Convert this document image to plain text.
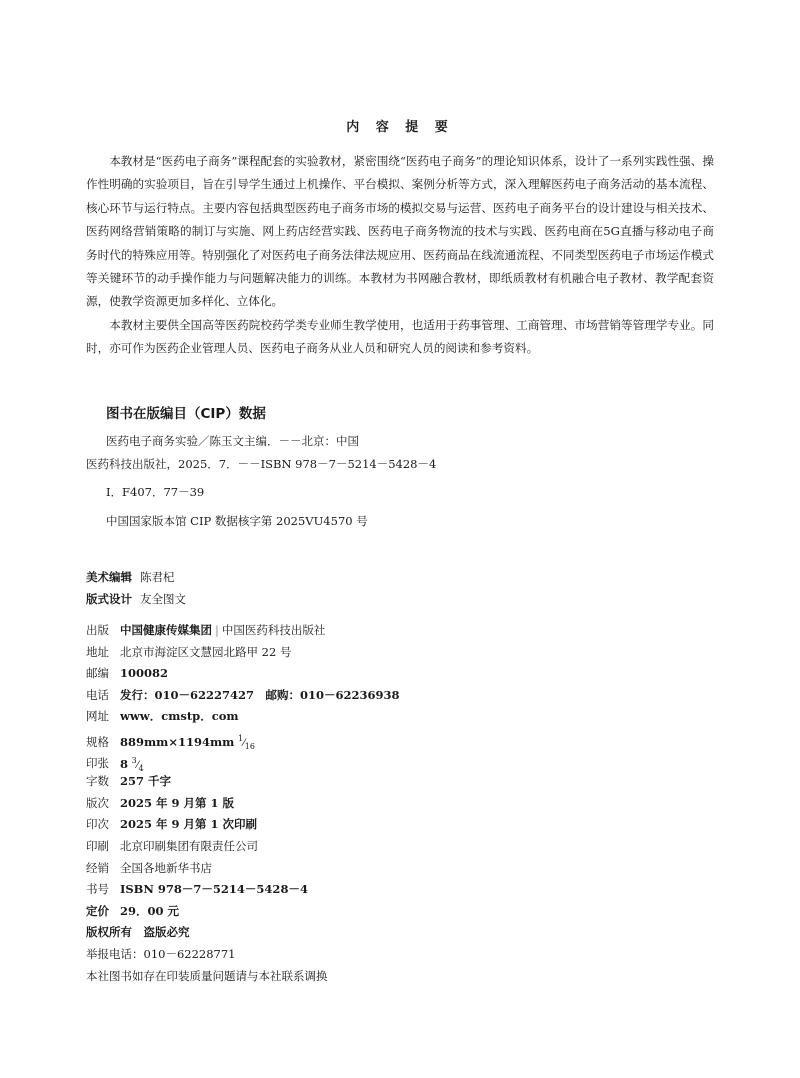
内 容 提 要

本教材是“医药电子商务”课程配套的实验教材，紧密围绕“医药电子商务”的理论知识体系，设计了一系列实践性强、操作性明确的实验项目，旨在引导学生通过上机操作、平台模拟、案例分析等方式，深入理解医药电子商务活动的基本流程、核心环节与运行特点。主要内容包括典型医药电子商务市场的模拟交易与运营、医药电子商务平台的设计建设与相关技术、医药网络营销策略的制订与实施、网上药店经营实践、医药电子商务物流的技术与实践、医药电商在5G直播与移动电子商务时代的特殊应用等。特别强化了对医药电子商务法律法规应用、医药商品在线流通流程、不同类型医药电子市场运作模式等关键环节的动手操作能力与问题解决能力的训练。本教材为书网融合教材，即纸质教材有机融合电子教材、教学配套资源，使教学资源更加多样化、立体化。

本教材主要供全国高等医药院校药学类专业师生教学使用，也适用于药事管理、工商管理、市场营销等管理学专业。同时，亦可作为医药企业管理人员、医药电子商务从业人员和研究人员的阅读和参考资料。

图书在版编目（CIP）数据
医药电子商务实验／陈玉文主编．－－北京：中国
医药科技出版社，2025．7．－－ISBN 978－7－5214－5428－4
Ⅰ．F407．77－39
中国国家版本馆 CIP 数据核字第 2025VU4570 号
美术编辑 陈君杞
版式设计 友全图文
出版 中国健康传媒集团 | 中国医药科技出版社
地址 北京市海淀区文慧园北路甲 22 号
邮编 100082
电话 发行：010－62227427　邮购：010－62236938
网址 www．cmstp．com
规格 889mm×1194mm $^1⁄_{16}$
印张 8 $^3⁄_4$
字数 257 千字
版次 2025 年 9 月第 1 版
印次 2025 年 9 月第 1 次印刷
印刷 北京印刷集团有限责任公司
经销 全国各地新华书店
书号 ISBN 978－7－5214－5428－4
定价 29．00 元
版权所有　盗版必究
举报电话：010－62228771
本社图书如存在印装质量问题请与本社联系调换
